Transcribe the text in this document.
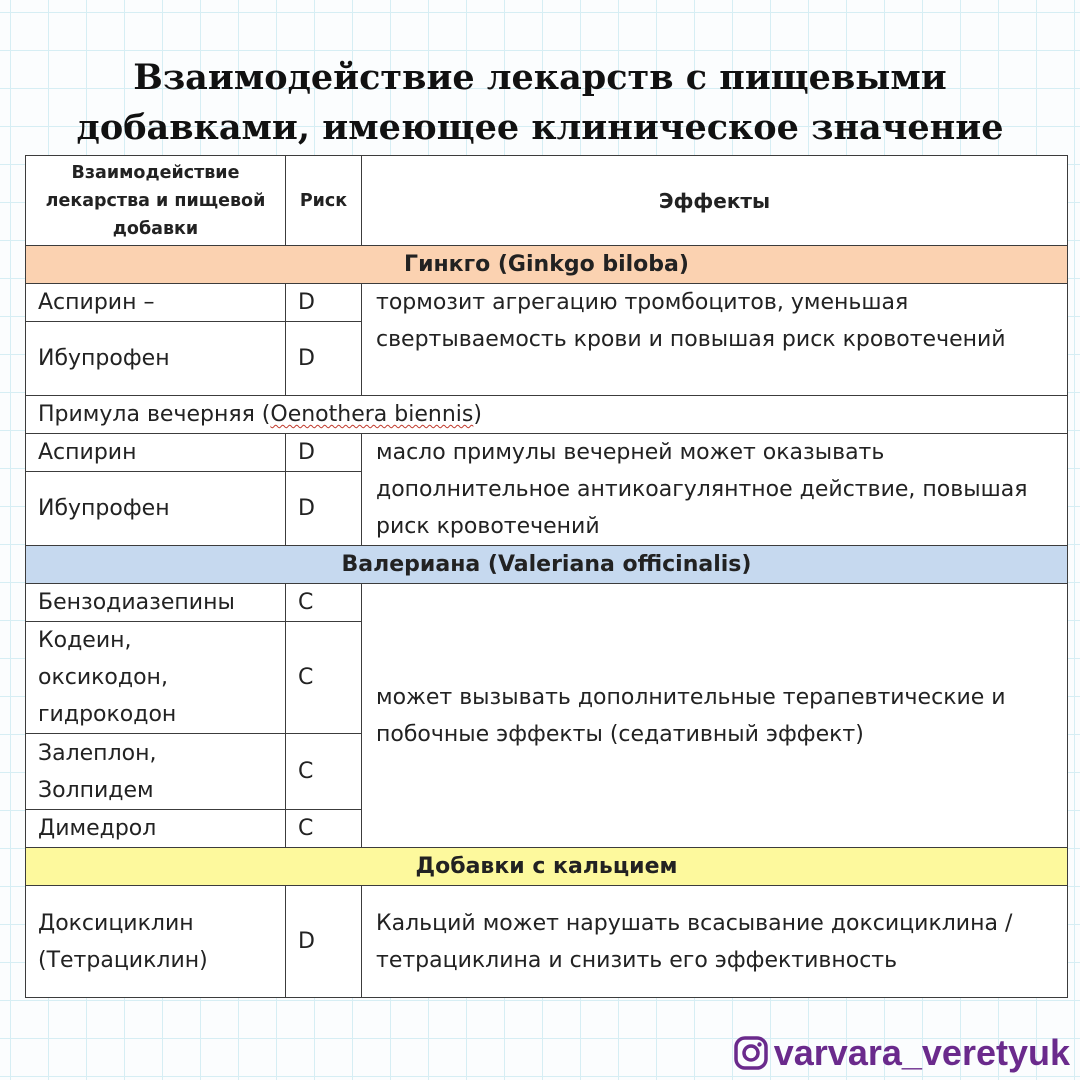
Взаимодействие лекарств с пищевыми
добавками, имеющее клиническое значение
Взаимодействие лекарства и пищевой добавки	Риск	Эффекты
Гинкго (Ginkgo biloba)		
Аспирин –	D	тормозит агрегацию тромбоцитов, уменьшая свертываемость крови и повышая риск кровотечений
Ибупрофен	D	
Примула вечерняя (Oenothera biennis)		
Аспирин	D	масло примулы вечерней может оказывать дополнительное антикоагулянтное действие, повышая риск кровотечений
Ибупрофен	D	
Валериана (Valeriana officinalis)		
Бензодиазепины	C	может вызывать дополнительные терапевтические и побочные эффекты (седативный эффект)

Кодеин,
оксикодон,
гидрокодон	C	

Залеплон,
Золпидем	C	
Димедрол	C	
Добавки с кальцием		

Доксициклин
(Тетрациклин)	D	Кальций может нарушать всасывание доксициклина / тетрациклина и снизить его эффективность
varvara_veretyuk
